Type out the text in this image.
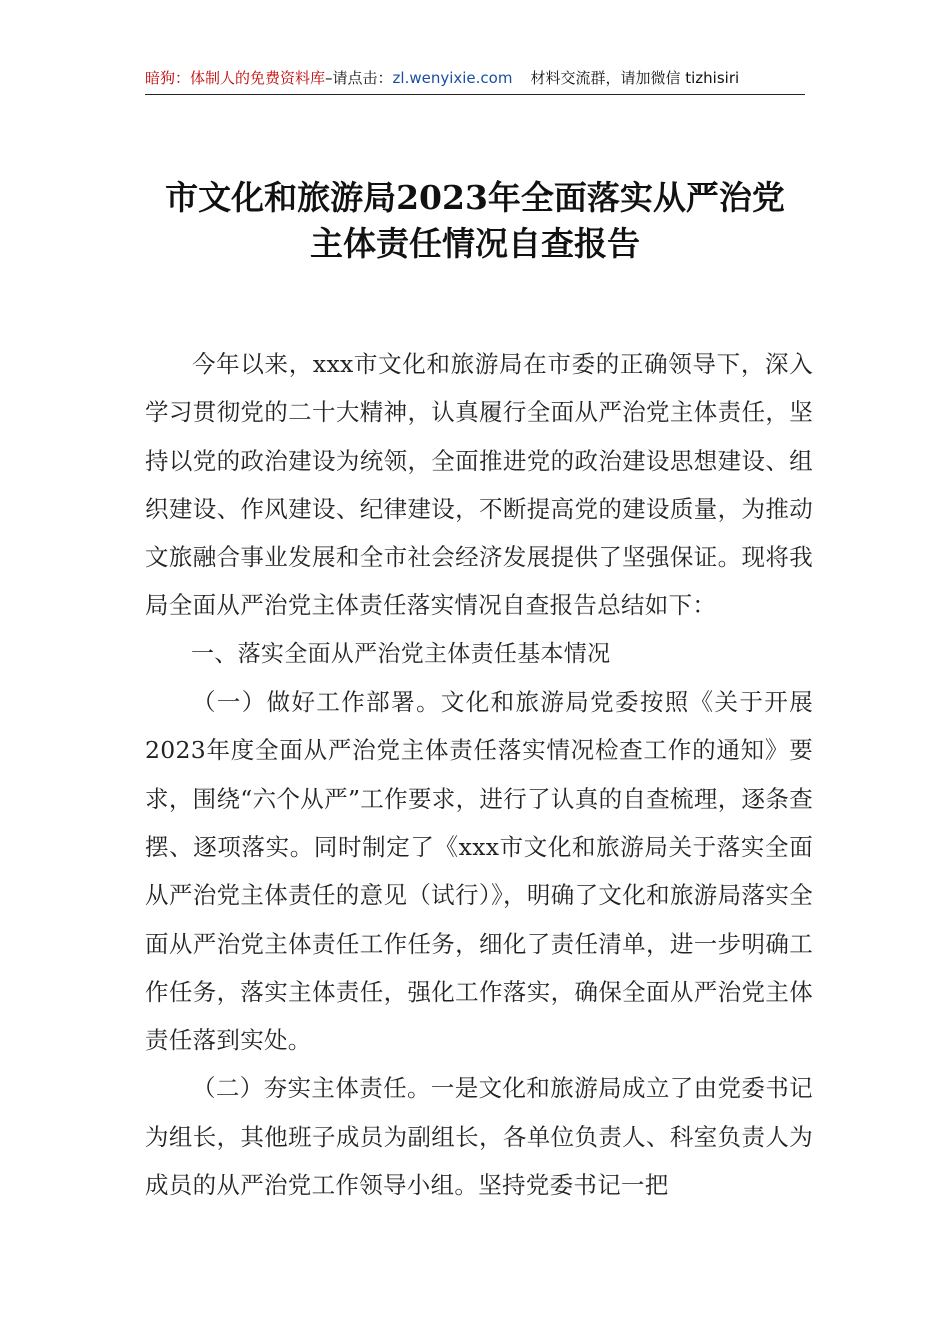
暗狗：体制人的免费资料库–请点击：zl.wenyixie.com 材料交流群，请加微信 tizhisiri
市文化和旅游局2023年全面落实从严治党
主体责任情况自查报告

今年以来，xxx市文化和旅游局在市委的正确领导下，深入学习贯彻党的二十大精神，认真履行全面从严治党主体责任，坚持以党的政治建设为统领，全面推进党的政治建设思想建设、组织建设、作风建设、纪律建设，不断提高党的建设质量，为推动文旅融合事业发展和全市社会经济发展提供了坚强保证。现将我局全面从严治党主体责任落实情况自查报告总结如下：

一、落实全面从严治党主体责任基本情况

（一）做好工作部署。文化和旅游局党委按照《关于开展2023年度全面从严治党主体责任落实情况检查工作的通知》要求，围绕“六个从严”工作要求，进行了认真的自查梳理，逐条查摆、逐项落实。同时制定了《xxx市文化和旅游局关于落实全面从严治党主体责任的意见（试行）》，明确了文化和旅游局落实全面从严治党主体责任工作任务，细化了责任清单，进一步明确工作任务，落实主体责任，强化工作落实，确保全面从严治党主体责任落到实处。

（二）夯实主体责任。一是文化和旅游局成立了由党委书记为组长，其他班子成员为副组长，各单位负责人、科室负责人为成员的从严治党工作领导小组。坚持党委书记一把
